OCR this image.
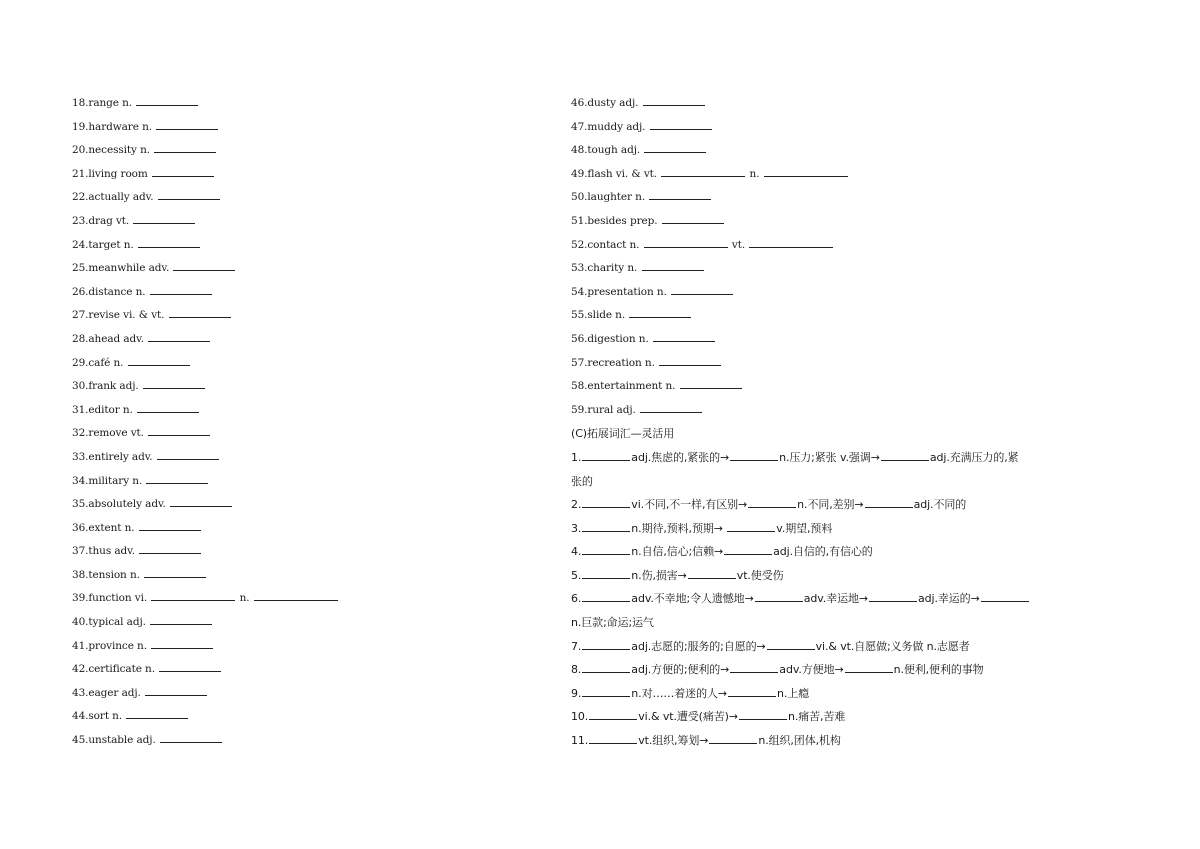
18.range n.
19.hardware n.
20.necessity n.
21.living room
22.actually adv.
23.drag vt.
24.target n.
25.meanwhile adv.
26.distance n.
27.revise vi. & vt.
28.ahead adv.
29.café n.
30.frank adj.
31.editor n.
32.remove vt.
33.entirely adv.
34.military n.
35.absolutely adv.
36.extent n.
37.thus adv.
38.tension n.
39.function vi.	n.
40.typical adj.
41.province n.
42.certificate n.
43.eager adj.
44.sort n.
45.unstable adj.
46.dusty adj.
47.muddy adj.
48.tough adj.
49.flash vi. & vt.	n.
50.laughter n.
51.besides prep.
52.contact n.	vt.
53.charity n.
54.presentation n.
55.slide n.
56.digestion n.
57.recreation n.
58.entertainment n.
59.rural adj.
(C)拓展词汇—灵活用
1.	adj.焦虑的,紧张的→	n.压力;紧张 v.强调→	adj.充满压力的,紧
张的
2.	vi.不同,不一样,有区别→	n.不同,差别→	adj.不同的
3.	n.期待,预料,预期→	v.期望,预料
4.	n.自信,信心;信赖→	adj.自信的,有信心的
5.	n.伤,损害→	vt.使受伤
6.	adv.不幸地;令人遗憾地→	adv.幸运地→	adj.幸运的→
n.巨款;命运;运气
7.	adj.志愿的;服务的;自愿的→	vi.& vt.自愿做;义务做 n.志愿者
8.	adj.方便的;便利的→	adv.方便地→	n.便利,便利的事物
9.	n.对……着迷的人→	n.上瘾
10.	vi.& vt.遭受(痛苦)→	n.痛苦,苦难
11.	vt.组织,筹划→	n.组织,团体,机构
